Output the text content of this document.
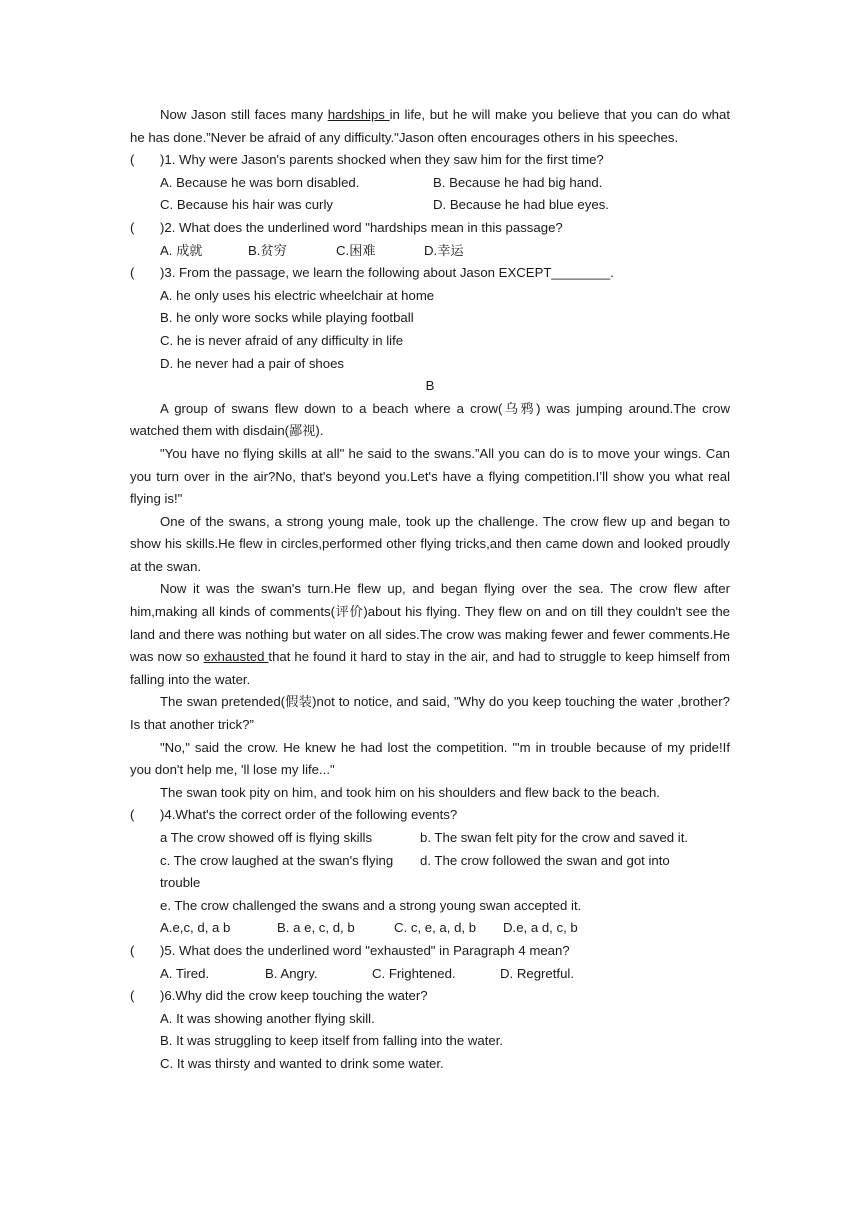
Now Jason still faces many hardships in life, but he will make you believe that you can do what he has done.”Never be afraid of any difficulty."Jason often encourages others in his speeches.

(	)1. Why were Jason's parents shocked when they saw him for the first time?
A. Because he was born disabled.	B. Because he had big hand.
C. Because his hair was curly	D. Because he had blue eyes.
(	)2. What does the underlined word "hardships mean in this passage?
A. 成就	B.贫穷	C.困难	D.幸运
(	)3. From the passage, we learn the following about Jason EXCEPT________.

A. he only uses his electric wheelchair at home

B. he only wore socks while playing football

C. he is never afraid of any difficulty in life

D. he never had a pair of shoes

B

A group of swans flew down to a beach where a crow(乌鸦) was jumping around.The crow watched them with disdain(鄙视).

"You have no flying skills at all" he said to the swans.”All you can do is to move your wings. Can you turn over in the air?No, that's beyond you.Let's have a flying competition.I’ll show you what real flying is!"

One of the swans, a strong young male, took up the challenge. The crow flew up and began to show his skills.He flew in circles,performed other flying tricks,and then came down and looked proudly at the swan.

Now it was the swan's turn.He flew up, and began flying over the sea. The crow flew after him,making all kinds of comments(评价)about his flying. They flew on and on till they couldn't see the land and there was nothing but water on all sides.The crow was making fewer and fewer comments.He was now so exhausted that he found it hard to stay in the air, and had to struggle to keep himself from falling into the water.

The swan pretended(假装)not to notice, and said, "Why do you keep touching the water ,brother? Is that another trick?”

"No," said the crow. He knew he had lost the competition. "'m in trouble because of my pride!If you don't help me, 'll lose my life..."

The swan took pity on him, and took him on his shoulders and flew back to the beach.

(	)4.What's the correct order of the following events?
a The crow showed off is flying skills	b. The swan felt pity for the crow and saved it.
c. The crow laughed at the swan's flying	d. The crow followed the swan and got into

trouble

e. The crow challenged the swans and a strong young swan accepted it.

A.e,c, d, a b	B. a e, c, d, b	C. c, e, a, d, b	D.e, a d, c, b
(	)5. What does the underlined word "exhausted" in Paragraph 4 mean?
A. Tired.	B. Angry.	C. Frightened.	D. Regretful.
(	)6.Why did the crow keep touching the water?

A. It was showing another flying skill.

B. It was struggling to keep itself from falling into the water.

C. It was thirsty and wanted to drink some water.
